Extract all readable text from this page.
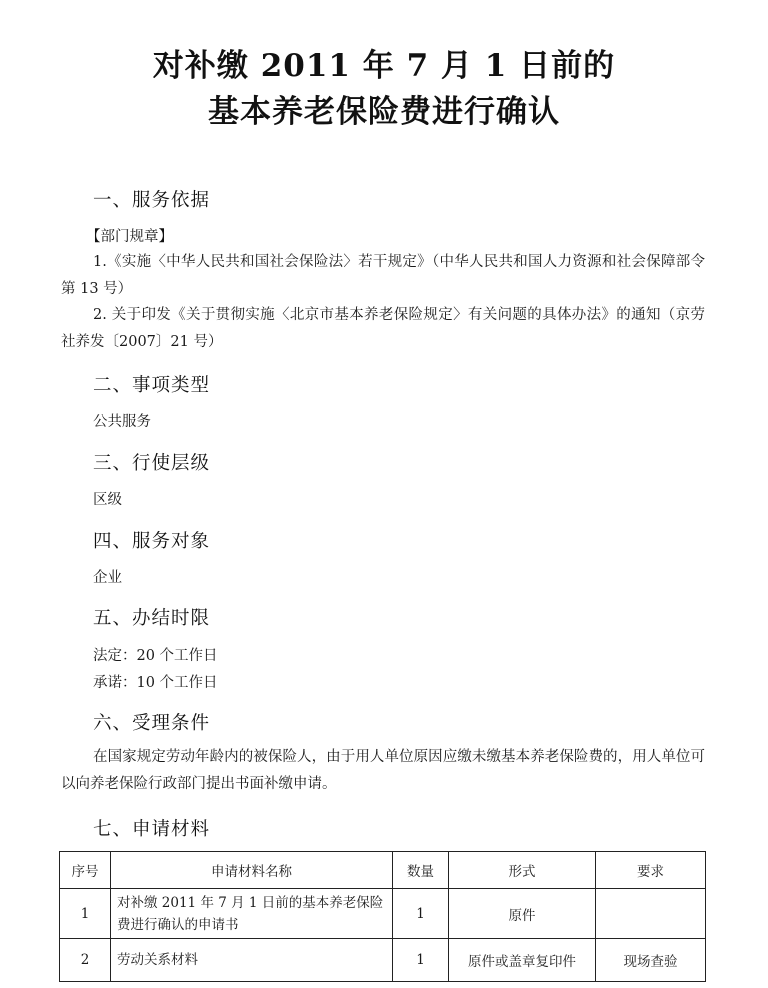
对补缴 2011 年 7 月 1 日前的
基本养老保险费进行确认
一、服务依据
【部门规章】
1.《实施〈中华人民共和国社会保险法〉若干规定》（中华人民共和国人力资源和社会保障部令第 13 号）
2. 关于印发《关于贯彻实施〈北京市基本养老保险规定〉有关问题的具体办法》的通知（京劳社养发〔2007〕21 号）
二、事项类型
公共服务
三、行使层级
区级
四、服务对象
企业
五、办结时限
法定：20 个工作日
承诺：10 个工作日
六、受理条件
在国家规定劳动年龄内的被保险人，由于用人单位原因应缴未缴基本养老保险费的，用人单位可以向养老保险行政部门提出书面补缴申请。
七、申请材料
序号	申请材料名称	数量	形式	要求
1	对补缴 2011 年 7 月 1 日前的基本养老保险费进行确认的申请书	1	原件	
2	劳动关系材料	1	原件或盖章复印件	现场查验
